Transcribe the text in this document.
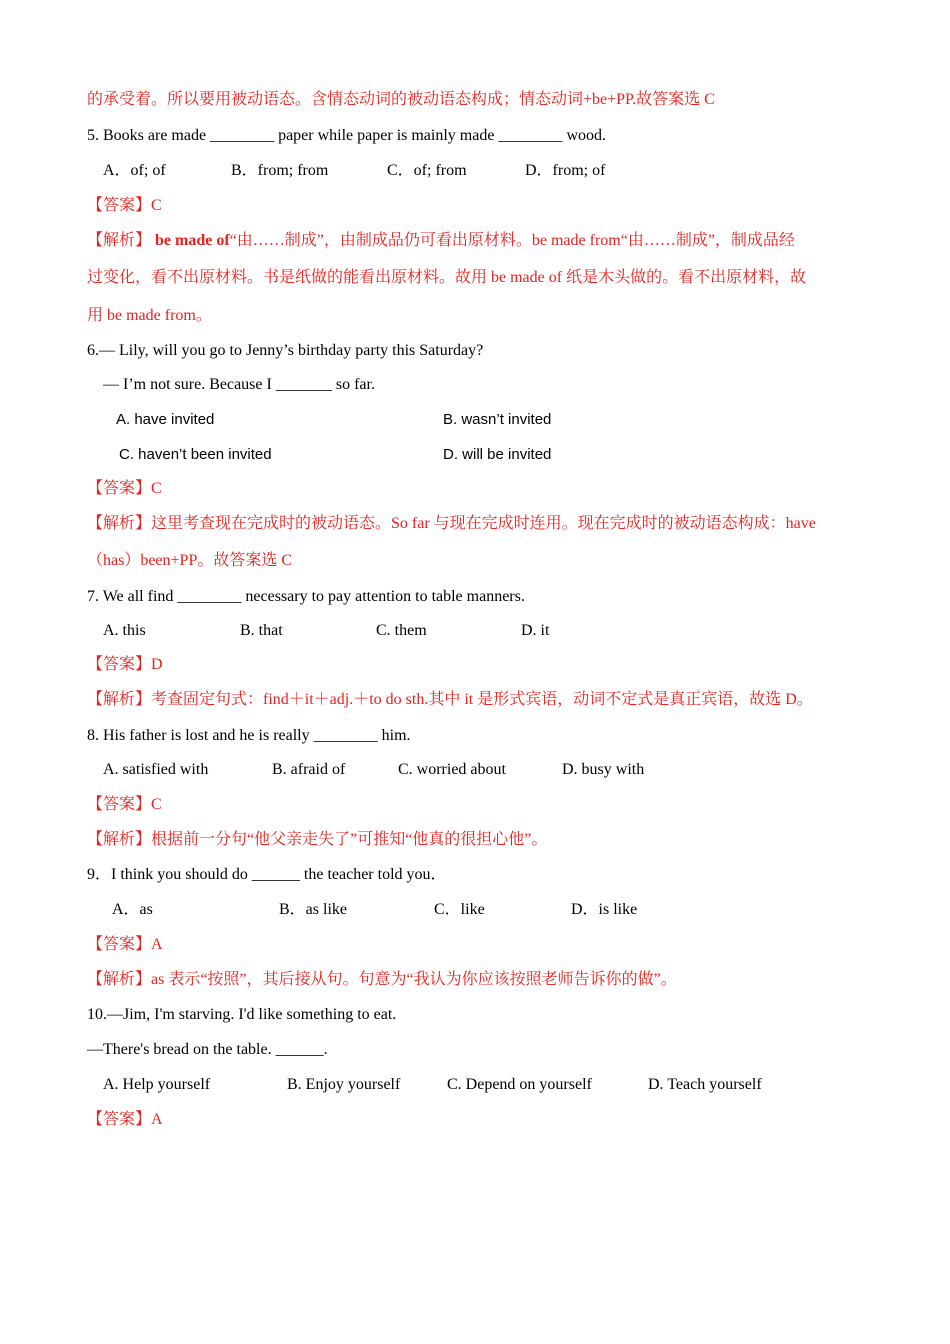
的承受着。所以要用被动语态。含情态动词的被动语态构成；情态动词+be+PP.故答案选 C
5. Books are made ________ paper while paper is mainly made ________ wood.
A．of; of	B．from; from	C．of; from	D．from; of
【答案】C
【解析】 be made of“由……制成”，由制成品仍可看出原材料。be made from“由……制成”，制成品经
过变化，看不出原材料。书是纸做的能看出原材料。故用 be made of 纸是木头做的。看不出原材料，故
用 be made from。
6.— Lily, will you go to Jenny’s birthday party this Saturday?
— I’m not sure. Because I _______ so far.
A. have invited	B. wasn’t invited
C. haven’t been invited	D. will be invited
【答案】C
【解析】这里考查现在完成时的被动语态。So far 与现在完成时连用。现在完成时的被动语态构成：have
（has）been+PP。故答案选 C
7. We all find ________ necessary to pay attention to table manners.
A. this	B. that	C. them	D. it
【答案】D
【解析】考查固定句式：find＋it＋adj.＋to do sth.其中 it 是形式宾语，动词不定式是真正宾语，故选 D。
8. His father is lost and he is really ________ him.
A. satisfied with	B. afraid of	C. worried about	D. busy with
【答案】C
【解析】根据前一分句“他父亲走失了”可推知“他真的很担心他”。
9．I think you should do ______ the teacher told you．
A．as	B．as like	C．like	D．is like
【答案】A
【解析】as 表示“按照”，其后接从句。句意为“我认为你应该按照老师告诉你的做”。
10.—Jim, I'm starving. I'd like something to eat.
—There's bread on the table. ______.
A. Help yourself	B. Enjoy yourself	C. Depend on yourself	D. Teach yourself
【答案】A
